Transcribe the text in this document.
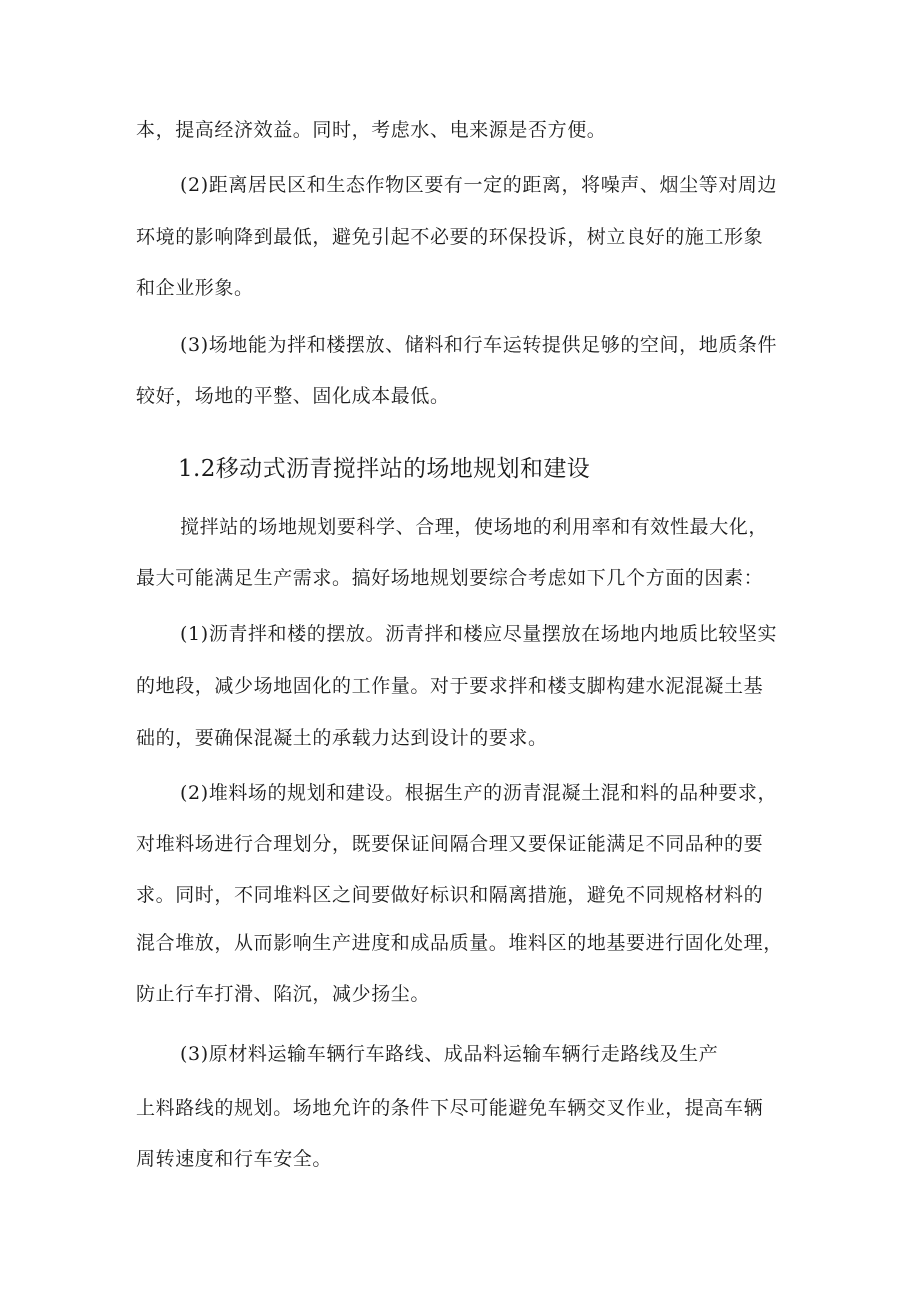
本，提高经济效益。同时，考虑水、电来源是否方便。
(2)距离居民区和生态作物区要有一定的距离，将噪声、烟尘等对周边
环境的影响降到最低，避免引起不必要的环保投诉，树立良好的施工形象
和企业形象。
(3)场地能为拌和楼摆放、储料和行车运转提供足够的空间，地质条件
较好，场地的平整、固化成本最低。
1.2移动式沥青搅拌站的场地规划和建设
搅拌站的场地规划要科学、合理，使场地的利用率和有效性最大化，
最大可能满足生产需求。搞好场地规划要综合考虑如下几个方面的因素：
(1)沥青拌和楼的摆放。沥青拌和楼应尽量摆放在场地内地质比较坚实
的地段，减少场地固化的工作量。对于要求拌和楼支脚构建水泥混凝土基
础的，要确保混凝土的承载力达到设计的要求。
(2)堆料场的规划和建设。根据生产的沥青混凝土混和料的品种要求，
对堆料场进行合理划分，既要保证间隔合理又要保证能满足不同品种的要
求。同时，不同堆料区之间要做好标识和隔离措施，避免不同规格材料的
混合堆放，从而影响生产进度和成品质量。堆料区的地基要进行固化处理，
防止行车打滑、陷沉，减少扬尘。
(3)原材料运输车辆行车路线、成品料运输车辆行走路线及生产
上料路线的规划。场地允许的条件下尽可能避免车辆交叉作业，提高车辆
周转速度和行车安全。
